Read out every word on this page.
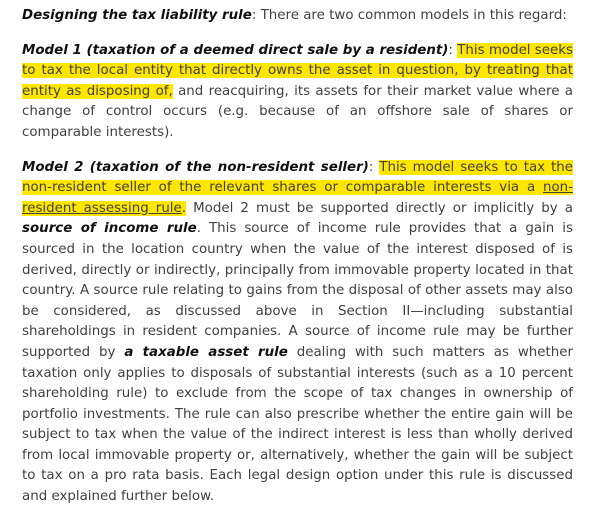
Designing the tax liability rule: There are two common models in this regard:

Model 1 (taxation of a deemed direct sale by a resident): This model seeks to tax the local entity that directly owns the asset in question, by treating that entity as disposing of, and reacquiring, its assets for their market value where a change of control occurs (e.g. because of an offshore sale of shares or comparable interests).

Model 2 (taxation of the non-resident seller): This model seeks to tax the non-resident seller of the relevant shares or comparable interests via a non-resident assessing rule. Model 2 must be supported directly or implicitly by a source of income rule. This source of income rule provides that a gain is sourced in the location country when the value of the interest disposed of is derived, directly or indirectly, principally from immovable property located in that country. A source rule relating to gains from the disposal of other assets may also be considered, as discussed above in Section II—including substantial shareholdings in resident companies. A source of income rule may be further supported by a taxable asset rule dealing with such matters as whether taxation only applies to disposals of substantial interests (such as a 10 percent shareholding rule) to exclude from the scope of tax changes in ownership of portfolio investments. The rule can also prescribe whether the entire gain will be subject to tax when the value of the indirect interest is less than wholly derived from local immovable property or, alternatively, whether the gain will be subject to tax on a pro rata basis. Each legal design option under this rule is discussed and explained further below.
